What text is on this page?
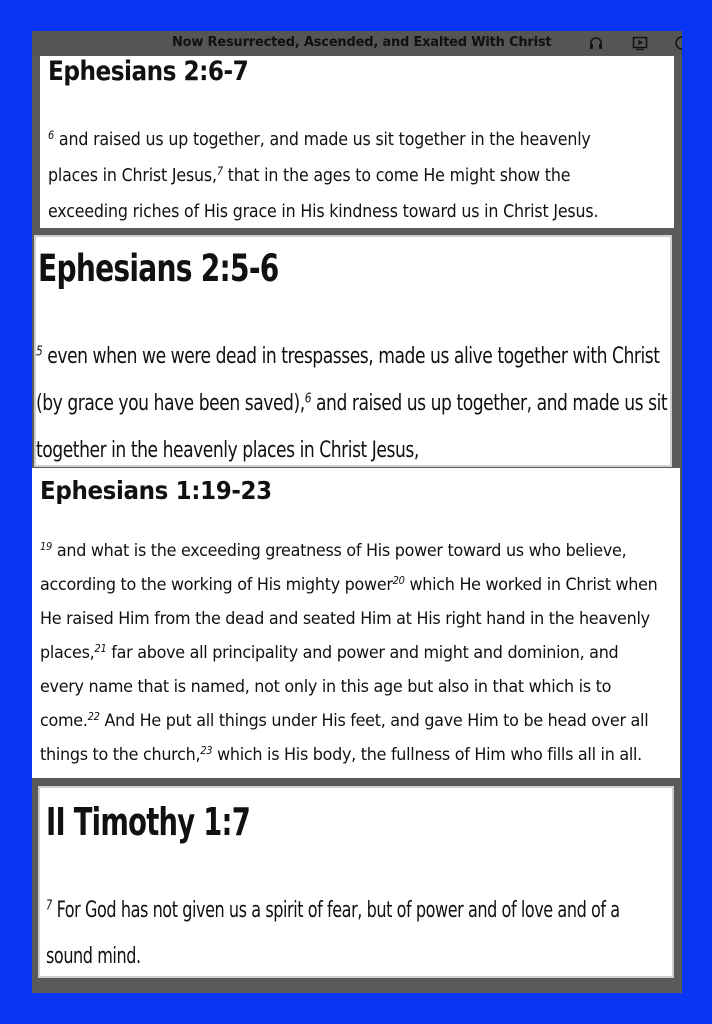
Now Resurrected, Ascended, and Exalted With Christ
Ephesians 2:6-7
$^6$ and raised us up together, and made us sit together in the heavenly places in Christ Jesus,$^7$ that in the ages to come He might show the exceeding riches of His grace in His kindness toward us in Christ Jesus.
Ephesians 2:5-6
$^5$ even when we were dead in trespasses, made us alive together with Christ (by grace you have been saved),$^6$ and raised us up together, and made us sit together in the heavenly places in Christ Jesus,
Ephesians 1:19-23
$^{19}$ and what is the exceeding greatness of His power toward us who believe, according to the working of His mighty power$^{20}$ which He worked in Christ when He raised Him from the dead and seated Him at His right hand in the heavenly places,$^{21}$ far above all principality and power and might and dominion, and every name that is named, not only in this age but also in that which is to come.$^{22}$ And He put all things under His feet, and gave Him to be head over all things to the church,$^{23}$ which is His body, the fullness of Him who fills all in all.
II Timothy 1:7
$^7$ For God has not given us a spirit of fear, but of power and of love and of a sound mind.
